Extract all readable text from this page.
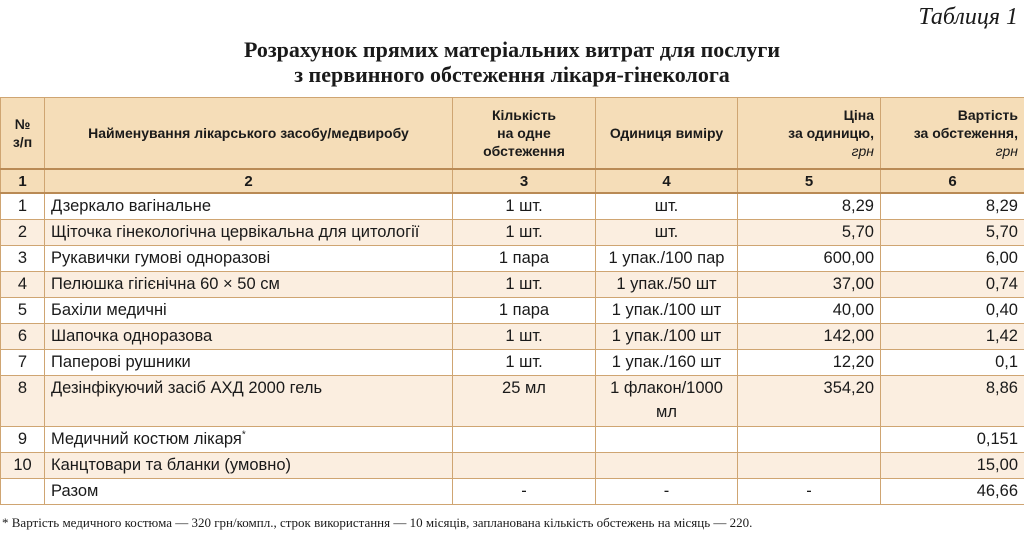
Таблиця 1
Розрахунок прямих матеріальних витрат для послуги
з первинного обстеження лікаря-гінеколога
№
з/п	Найменування лікарського засобу/медвиробу	Кількість
на одне
обстеження	Одиниця виміру	Ціна
за одиницю,
грн	Вартість
за обстеження,
грн
1	2	3	4	5	6
1	Дзеркало вагінальне	1 шт.	шт.	8,29	8,29
2	Щіточка гінекологічна цервікальна для цитології	1 шт.	шт.	5,70	5,70
3	Рукавички гумові одноразові	1 пара	1 упак./100 пар	600,00	6,00
4	Пелюшка гігієнічна 60 × 50 см	1 шт.	1 упак./50 шт	37,00	0,74
5	Бахіли медичні	1 пара	1 упак./100 шт	40,00	0,40
6	Шапочка одноразова	1 шт.	1 упак./100 шт	142,00	1,42
7	Паперові рушники	1 шт.	1 упак./160 шт	12,20	0,1
8	Дезінфікуючий засіб АХД 2000 гель	25 мл	1 флакон/1000 мл	354,20	8,86
9	Медичний костюм лікаря*				0,151
10	Канцтовари та бланки (умовно)				15,00
	Разом	-	-	-	46,66
* Вартість медичного костюма — 320 грн/компл., строк використання — 10 місяців, запланована кількість обстежень на місяць — 220.
